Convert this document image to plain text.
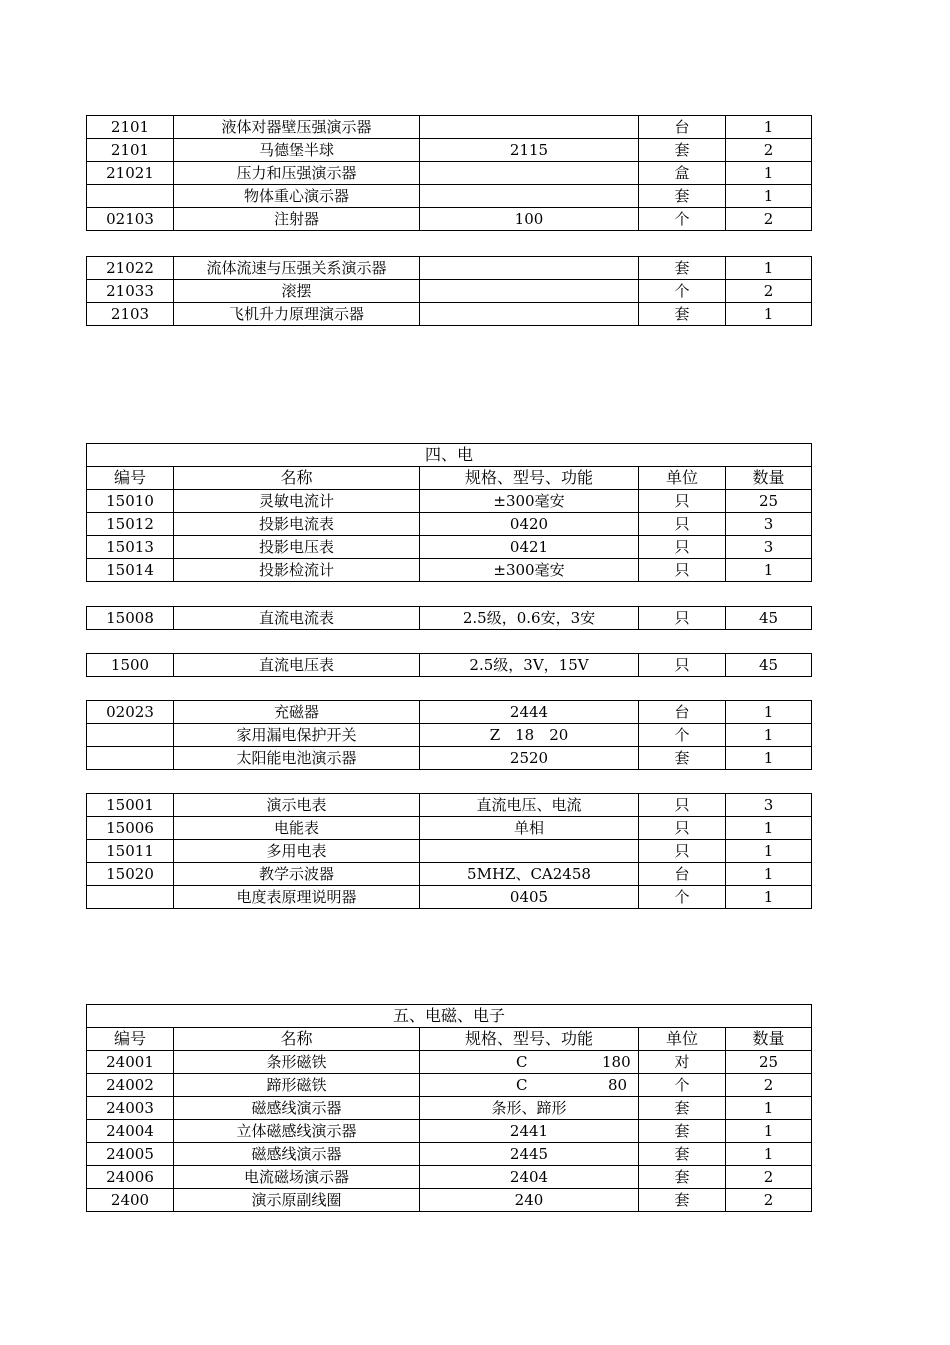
2101	液体对器壁压强演示器		台	1
2101	马德堡半球	2115	套	2
21021	压力和压强演示器		盒	1
	物体重心演示器		套	1
02103	注射器	100	个	2
21022	流体流速与压强关系演示器		套	1
21033	滚摆		个	2
2103	飞机升力原理演示器		套	1
四、电				
编号	名称	规格、型号、功能	单位	数量
15010	灵敏电流计	±300毫安	只	25
15012	投影电流表	0420	只	3
15013	投影电压表	0421	只	3
15014	投影检流计	±300毫安	只	1
15008	直流电流表	2.5级，0.6安，3安	只	45
1500	直流电压表	2.5级，3V，15V	只	45
02023	充磁器	2444	台	1
	家用漏电保护开关	Z　18　20	个	1
	太阳能电池演示器	2520	套	1
15001	演示电表	直流电压、电流	只	3
15006	电能表	单相	只	1
15011	多用电表		只	1
15020	教学示波器	5MHZ、CA2458	台	1
	电度表原理说明器	0405	个	1
五、电磁、电子				
编号	名称	规格、型号、功能	单位	数量
24001	条形磁铁	C 180	对	25
24002	蹄形磁铁	C 80	个	2
24003	磁感线演示器	条形、蹄形	套	1
24004	立体磁感线演示器	2441	套	1
24005	磁感线演示器	2445	套	1
24006	电流磁场演示器	2404	套	2
2400	演示原副线圈	240	套	2
